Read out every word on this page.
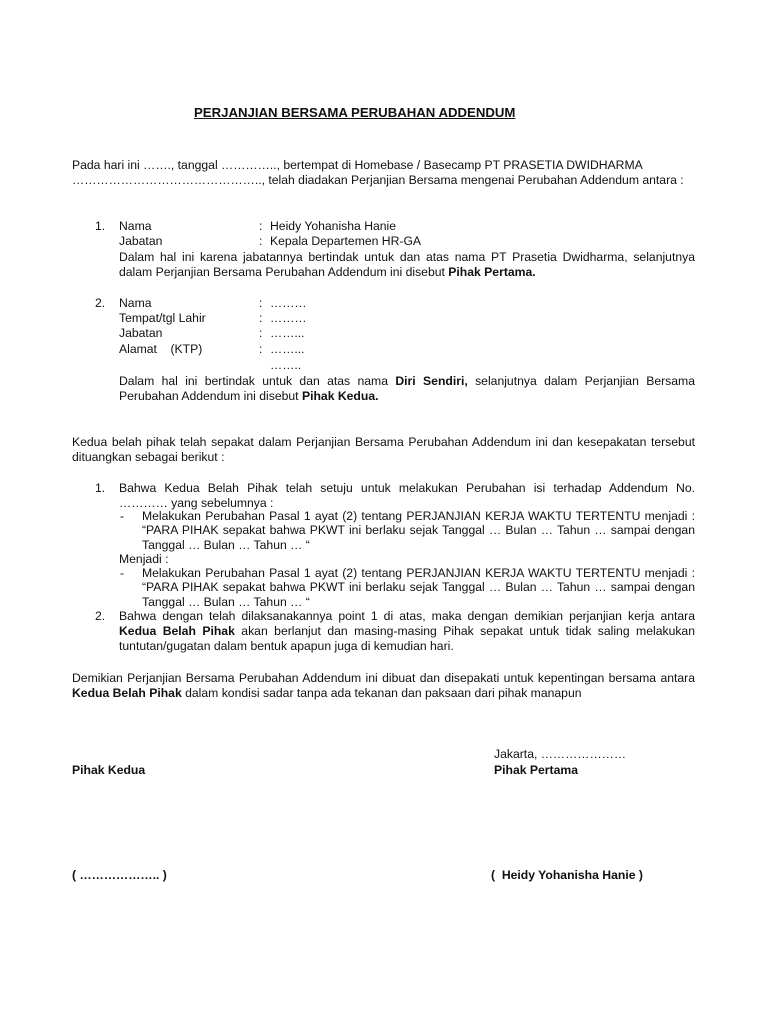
PERJANJIAN BERSAMA PERUBAHAN ADDENDUM
Pada hari ini ……., tanggal ………….., bertempat di Homebase / Basecamp PT PRASETIA DWIDHARMA
……………………………………….., telah diadakan Perjanjian Bersama mengenai Perubahan Addendum antara :
1. Nama	: Heidy Yohanisha Hanie
Jabatan	: Kepala Departemen HR-GA
Dalam hal ini karena jabatannya bertindak untuk dan atas nama PT Prasetia Dwidharma, selanjutnya
dalam Perjanjian Bersama Perubahan Addendum ini disebut Pihak Pertama.
2. Nama	: ………
Tempat/tgl Lahir	: ………
Jabatan	: ……...
Alamat    (KTP)	: ……...
……..
Dalam hal ini bertindak untuk dan atas nama Diri Sendiri, selanjutnya dalam Perjanjian Bersama
Perubahan Addendum ini disebut Pihak Kedua.
Kedua belah pihak telah sepakat dalam Perjanjian Bersama Perubahan Addendum ini dan kesepakatan tersebut
dituangkan sebagai berikut :
1. Bahwa Kedua Belah Pihak telah setuju untuk melakukan Perubahan isi terhadap Addendum No.
………… yang sebelumnya :
- Melakukan Perubahan Pasal 1 ayat (2) tentang PERJANJIAN KERJA WAKTU TERTENTU menjadi :
“PARA PIHAK sepakat bahwa PKWT ini berlaku sejak Tanggal … Bulan … Tahun … sampai dengan
Tanggal … Bulan … Tahun … “
Menjadi :
- Melakukan Perubahan Pasal 1 ayat (2) tentang PERJANJIAN KERJA WAKTU TERTENTU menjadi :
“PARA PIHAK sepakat bahwa PKWT ini berlaku sejak Tanggal … Bulan … Tahun … sampai dengan
Tanggal … Bulan … Tahun … “
2. Bahwa dengan telah dilaksanakannya point 1 di atas, maka dengan demikian perjanjian kerja antara
Kedua Belah Pihak akan berlanjut dan masing-masing Pihak sepakat untuk tidak saling melakukan
tuntutan/gugatan dalam bentuk apapun juga di kemudian hari.
Demikian Perjanjian Bersama Perubahan Addendum ini dibuat dan disepakati untuk kepentingan bersama antara
Kedua Belah Pihak dalam kondisi sadar tanpa ada tekanan dan paksaan dari pihak manapun
Jakarta, …………………
Pihak Kedua	Pihak Pertama
( ……………….. )	(  Heidy Yohanisha Hanie )
